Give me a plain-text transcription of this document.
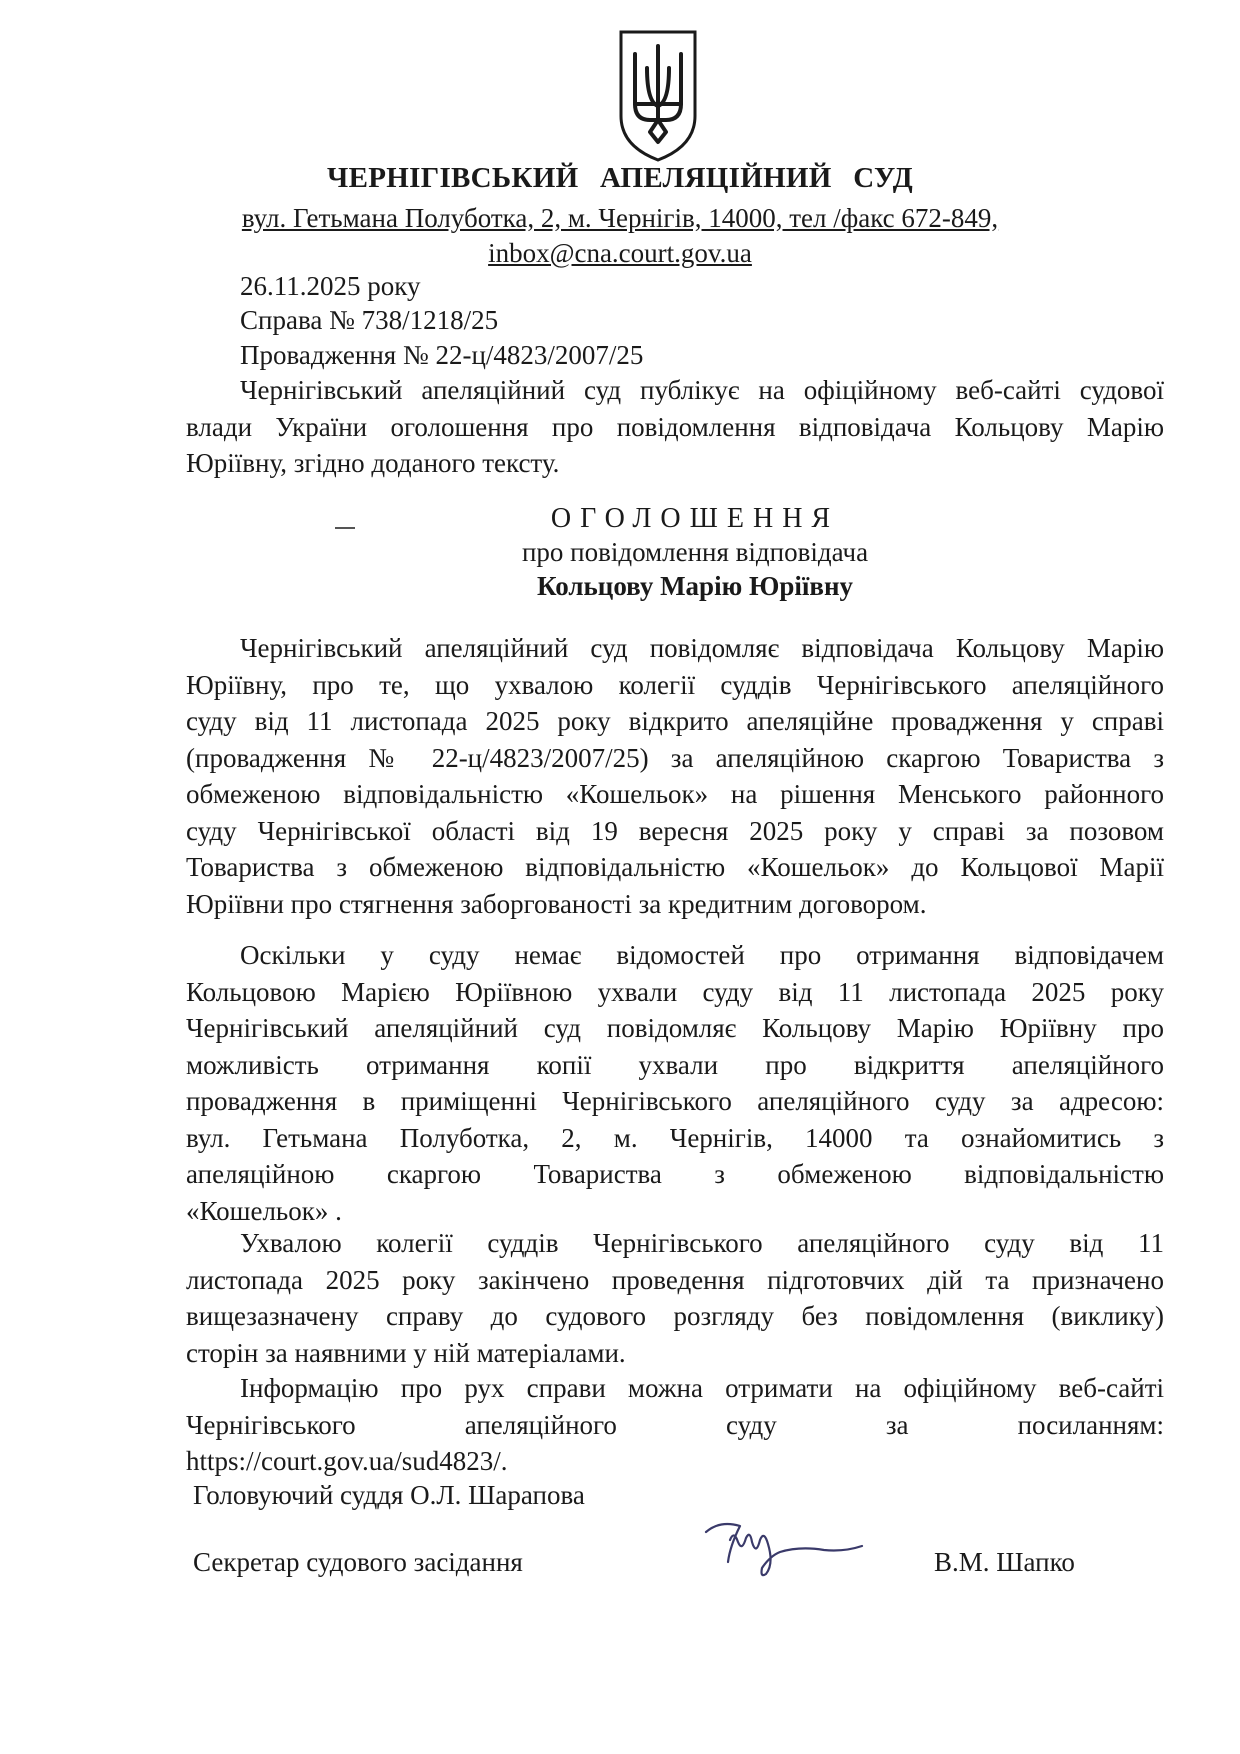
ЧЕРНІГІВСЬКИЙ АПЕЛЯЦІЙНИЙ СУД
вул. Гетьмана Полуботка, 2, м. Чернігів, 14000, тел /факс 672-849,
inbox@cna.court.gov.ua
26.11.2025 року
Справа № 738/1218/25
Провадження № 22-ц/4823/2007/25
Чернігівський апеляційний суд публікує на офіційному веб-сайті судової
влади України оголошення про повідомлення відповідача Кольцову Марію
Юріївну, згідно доданого тексту.
ОГОЛОШЕННЯ
про повідомлення відповідача
Кольцову Марію Юріївну
Чернігівський апеляційний суд повідомляє відповідача Кольцову Марію
Юріївну, про те, що ухвалою колегії суддів Чернігівського апеляційного
суду від 11 листопада 2025 року відкрито апеляційне провадження у справі
(провадження № 22-ц/4823/2007/25) за апеляційною скаргою Товариства з
обмеженою відповідальністю «Кошельок» на рішення Менського районного
суду Чернігівської області від 19 вересня 2025 року у справі за позовом
Товариства з обмеженою відповідальністю «Кошельок» до Кольцової Марії
Юріївни про стягнення заборгованості за кредитним договором.
Оскільки у суду немає відомостей про отримання відповідачем
Кольцовою Марією Юріївною ухвали суду від 11 листопада 2025 року
Чернігівський апеляційний суд повідомляє Кольцову Марію Юріївну про
можливість отримання копії ухвали про відкриття апеляційного
провадження в приміщенні Чернігівського апеляційного суду за адресою:
вул. Гетьмана Полуботка, 2, м. Чернігів, 14000 та ознайомитись з
апеляційною скаргою Товариства з обмеженою відповідальністю
«Кошельок» .
Ухвалою колегії суддів Чернігівського апеляційного суду від 11
листопада 2025 року закінчено проведення підготовчих дій та призначено
вищезазначену справу до судового розгляду без повідомлення (виклику)
сторін за наявними у ній матеріалами.
Інформацію про рух справи можна отримати на офіційному веб-сайті
Чернігівського апеляційного суду за посиланням:
https://court.gov.ua/sud4823/.
Головуючий суддя О.Л. Шарапова
Секретар судового засідання	В.М. Шапко
